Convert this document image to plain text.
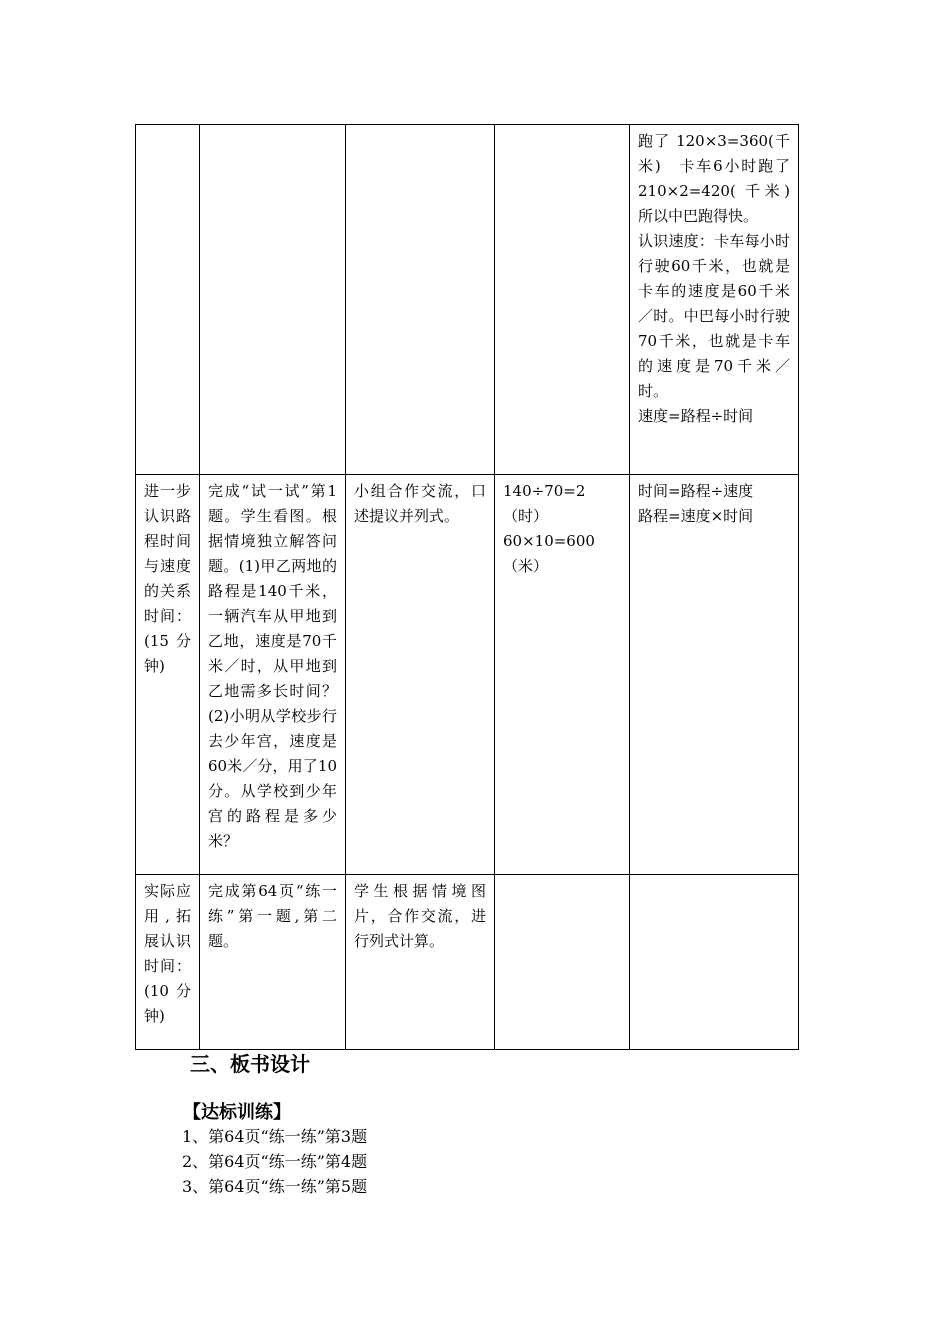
				跑了 120×3=360(千米)　卡车6小时跑了 210×2=420( 千米) 所以中巴跑得快。
认识速度：卡车每小时行驶60千米，也就是卡车的速度是60千米／时。中巴每小时行驶70千米，也就是卡车的速度是70千米／时。
速度=路程÷时间

进一步认识路程时间与速度的关系时间：(15分钟)	完成“试一试”第1题。学生看图。根据情境独立解答问题。(1)甲乙两地的路程是140千米，一辆汽车从甲地到乙地，速度是70千米／时，从甲地到乙地需多长时间？(2)小明从学校步行去少年宫，速度是60米／分，用了10分。从学校到少年宫的路程是多少米？	小组合作交流，口述提议并列式。	140÷70=2（时）
60×10=600（米）	时间=路程÷速度
路程=速度×时间

实际应用,拓展认识时间：(10分钟)	完成第64页“练一练”第一题,第二题。	学生根据情境图片，合作交流，进行列式计算。		

三、板书设计
【达标训练】
1、第64页“练一练”第3题
2、第64页“练一练”第4题
3、第64页“练一练”第5题
